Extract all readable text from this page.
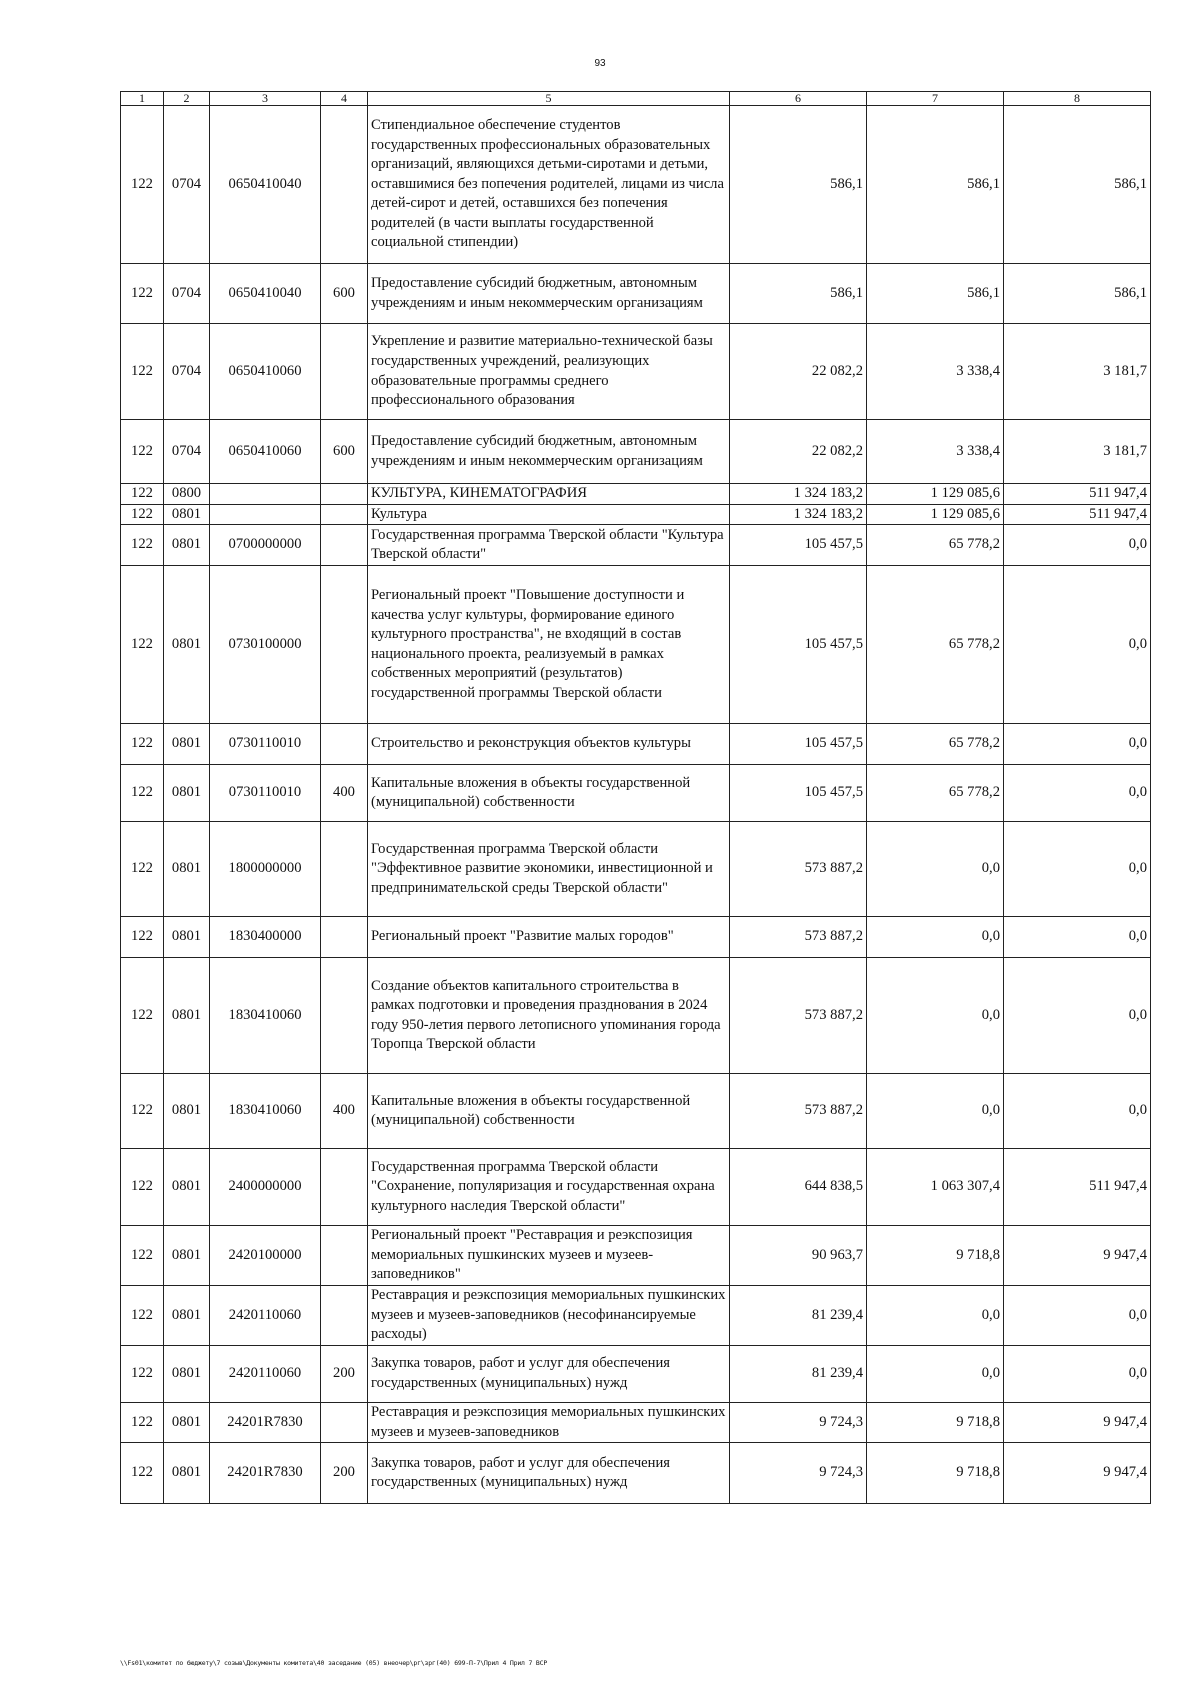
93
1	2	3	4	5	6	7	8
122	0704	0650410040		Стипендиальное обеспечение студентов государственных профессиональных образовательных организаций, являющихся детьми-сиротами и детьми, оставшимися без попечения родителей, лицами из числа детей-сирот и детей, оставшихся без попечения родителей (в части выплаты государственной социальной стипендии)	586,1	586,1	586,1
122	0704	0650410040	600	Предоставление субсидий бюджетным, автономным учреждениям и иным некоммерческим организациям	586,1	586,1	586,1
122	0704	0650410060		Укрепление и развитие материально-технической базы государственных учреждений, реализующих образовательные программы среднего профессионального образования	22 082,2	3 338,4	3 181,7
122	0704	0650410060	600	Предоставление субсидий бюджетным, автономным учреждениям и иным некоммерческим организациям	22 082,2	3 338,4	3 181,7
122	0800			КУЛЬТУРА, КИНЕМАТОГРАФИЯ	1 324 183,2	1 129 085,6	511 947,4
122	0801			Культура	1 324 183,2	1 129 085,6	511 947,4
122	0801	0700000000		Государственная программа Тверской области "Культура Тверской области"	105 457,5	65 778,2	0,0
122	0801	0730100000		Региональный проект "Повышение доступности и качества услуг культуры, формирование единого культурного пространства", не входящий в состав национального проекта, реализуемый в рамках собственных мероприятий (результатов) государственной программы Тверской области	105 457,5	65 778,2	0,0
122	0801	0730110010		Строительство и реконструкция объектов культуры	105 457,5	65 778,2	0,0
122	0801	0730110010	400	Капитальные вложения в объекты государственной (муниципальной) собственности	105 457,5	65 778,2	0,0
122	0801	1800000000		Государственная программа Тверской области "Эффективное развитие экономики, инвестиционной и предпринимательской среды Тверской области"	573 887,2	0,0	0,0
122	0801	1830400000		Региональный проект "Развитие малых городов"	573 887,2	0,0	0,0
122	0801	1830410060		Создание объектов капитального строительства в рамках подготовки и проведения празднования в 2024 году 950-летия первого летописного упоминания города Торопца Тверской области	573 887,2	0,0	0,0
122	0801	1830410060	400	Капитальные вложения в объекты государственной (муниципальной) собственности	573 887,2	0,0	0,0
122	0801	2400000000		Государственная программа Тверской области "Сохранение, популяризация и государственная охрана культурного наследия Тверской области"	644 838,5	1 063 307,4	511 947,4
122	0801	2420100000		Региональный проект "Реставрация и реэкспозиция мемориальных пушкинских музеев и музеев-заповедников"	90 963,7	9 718,8	9 947,4
122	0801	2420110060		Реставрация и реэкспозиция мемориальных пушкинских музеев и музеев-заповедников (несофинансируемые расходы)	81 239,4	0,0	0,0
122	0801	2420110060	200	Закупка товаров, работ и услуг для обеспечения государственных (муниципальных) нужд	81 239,4	0,0	0,0
122	0801	24201R7830		Реставрация и реэкспозиция мемориальных пушкинских музеев и музеев-заповедников	9 724,3	9 718,8	9 947,4
122	0801	24201R7830	200	Закупка товаров, работ и услуг для обеспечения государственных (муниципальных) нужд	9 724,3	9 718,8	9 947,4
\\Fs01\комитет по бюджету\7 созыв\Документы комитета\40 заседание (05) внеочер\рг\зрг(40) 699-П-7\Прил 4 Прил 7 ВСР
